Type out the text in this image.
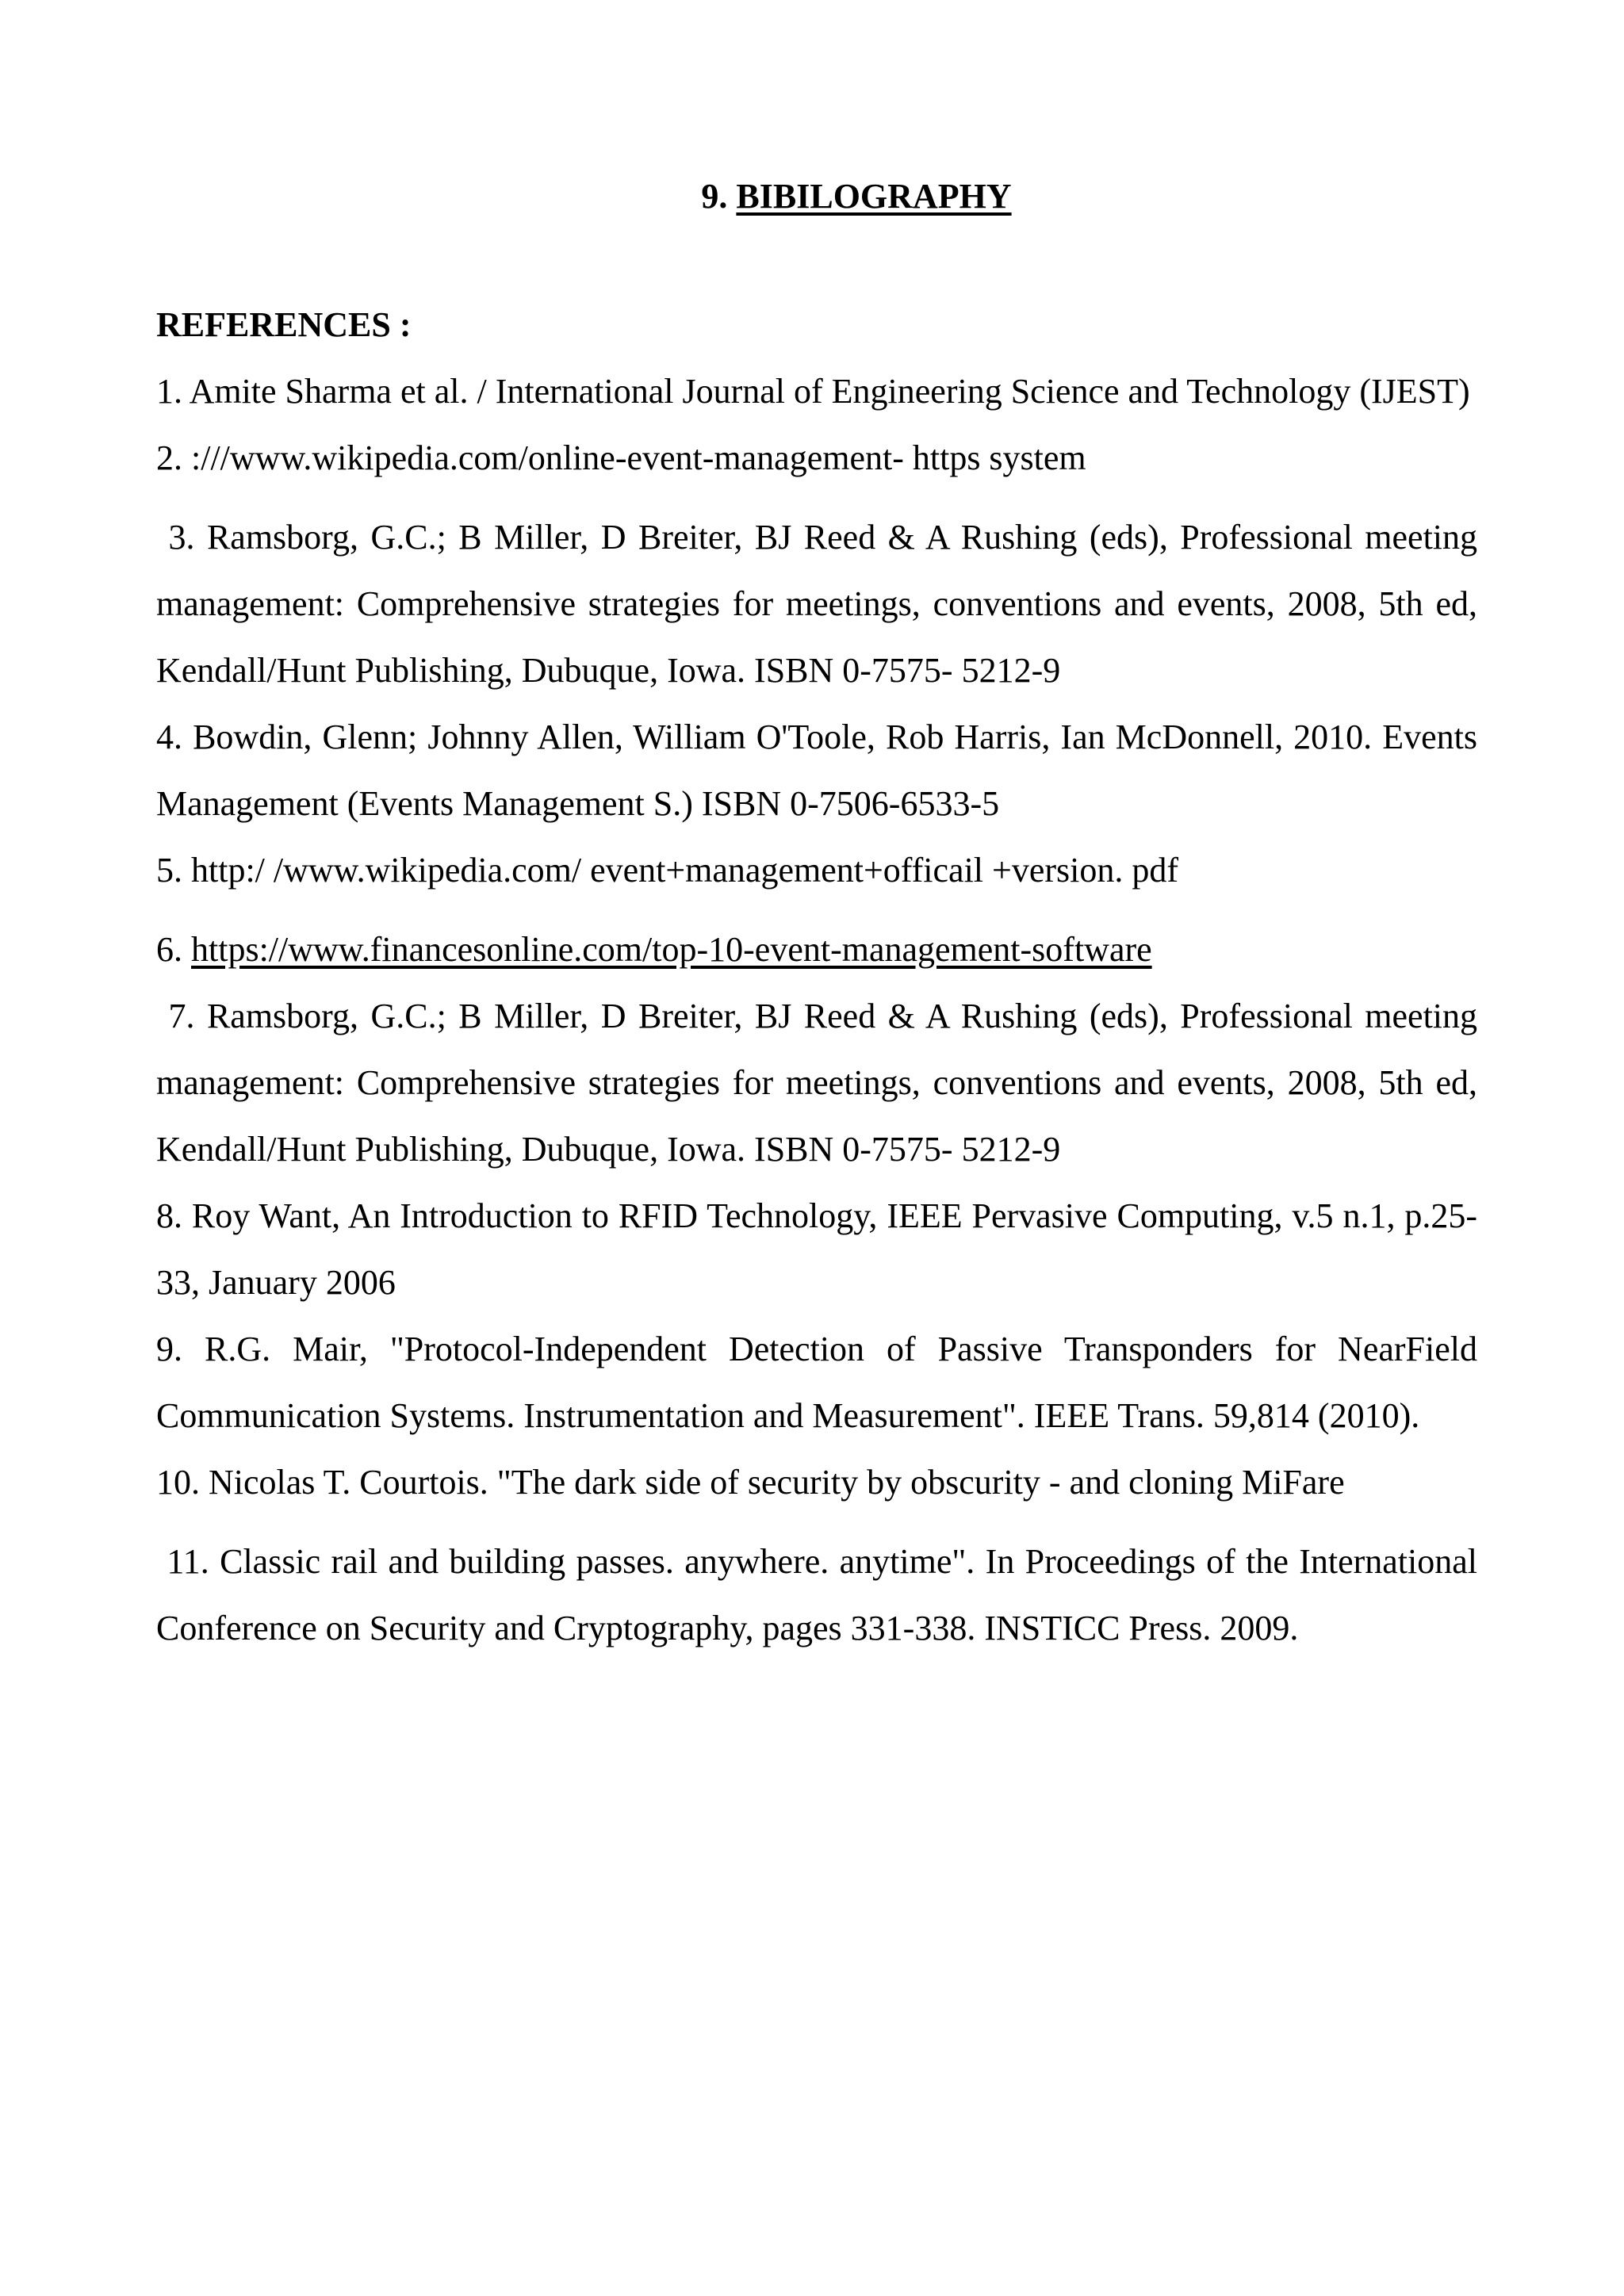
9. BIBILOGRAPHY

REFERENCES :

1. Amite Sharma et al. / International Journal of Engineering Science and Technology (IJEST)

2. :///www.wikipedia.com/online-event-management- https system

3. Ramsborg, G.C.; B Miller, D Breiter, BJ Reed & A Rushing (eds), Professional meeting management: Comprehensive strategies for meetings, conventions and events, 2008, 5th ed, Kendall/Hunt Publishing, Dubuque, Iowa. ISBN 0-7575- 5212-9

4. Bowdin, Glenn; Johnny Allen, William O'Toole, Rob Harris, Ian McDonnell, 2010. Events Management (Events Management S.) ISBN 0-7506-6533-5

5. http:/ /www.wikipedia.com/ event+management+officail +version. pdf

6. https://www.financesonline.com/top-10-event-management-software

7. Ramsborg, G.C.; B Miller, D Breiter, BJ Reed & A Rushing (eds), Professional meeting management: Comprehensive strategies for meetings, conventions and events, 2008, 5th ed, Kendall/Hunt Publishing, Dubuque, Iowa. ISBN 0-7575- 5212-9

8. Roy Want, An Introduction to RFID Technology, IEEE Pervasive Computing, v.5 n.1, p.25-33, January 2006

9. R.G. Mair, "Protocol-Independent Detection of Passive Transponders for NearField Communication Systems. Instrumentation and Measurement". IEEE Trans. 59,814 (2010).

10. Nicolas T. Courtois. "The dark side of security by obscurity - and cloning MiFare

11. Classic rail and building passes. anywhere. anytime". In Proceedings of the International Conference on Security and Cryptography, pages 331-338. INSTICC Press. 2009.
